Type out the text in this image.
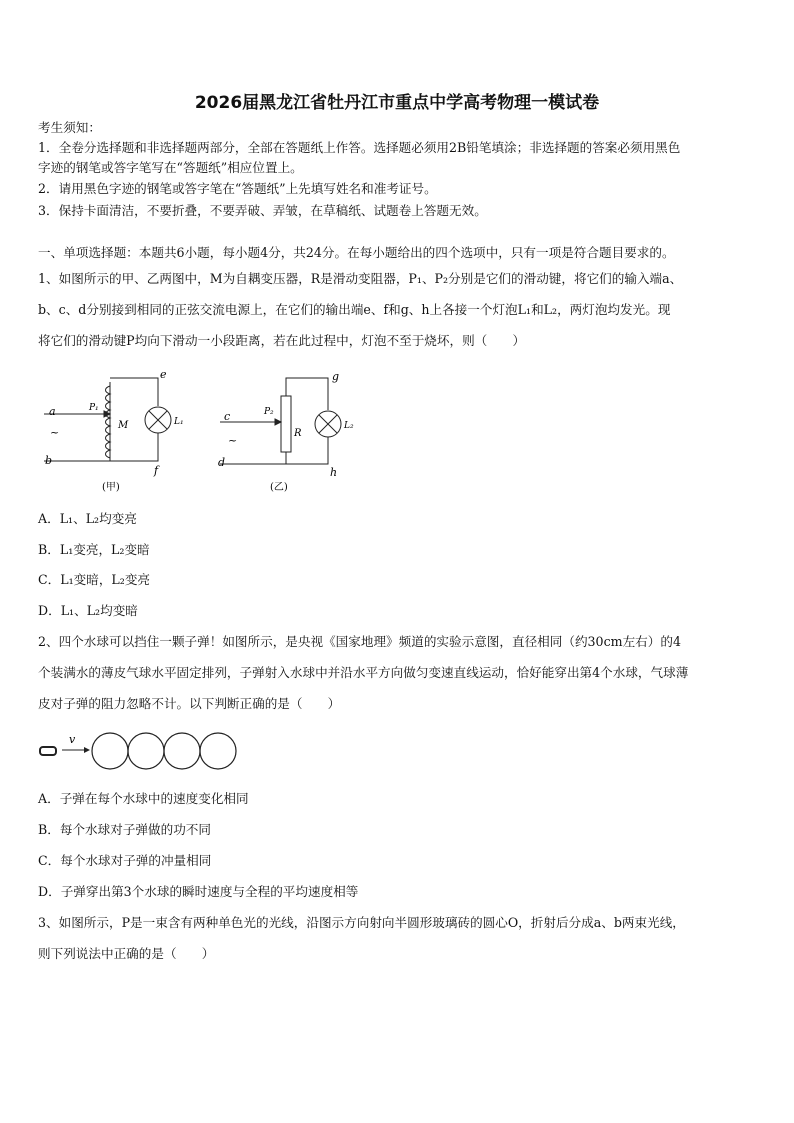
2026届黑龙江省牡丹江市重点中学高考物理一模试卷
考生须知：
1．全卷分选择题和非选择题两部分，全部在答题纸上作答。选择题必须用2B铅笔填涂；非选择题的答案必须用黑色
字迹的钢笔或答字笔写在“答题纸”相应位置上。
2．请用黑色字迹的钢笔或答字笔在“答题纸”上先填写姓名和准考证号。
3．保持卡面清洁，不要折叠，不要弄破、弄皱，在草稿纸、试题卷上答题无效。
一、单项选择题：本题共6小题，每小题4分，共24分。在每小题给出的四个选项中，只有一项是符合题目要求的。
1、如图所示的甲、乙两图中，M为自耦变压器，R是滑动变阻器，P₁、P₂分别是它们的滑动键，将它们的输入端a、
b、c、d分别接到相同的正弦交流电源上，在它们的输出端e、f和g、h上各接一个灯泡L₁和L₂，两灯泡均发光。现
将它们的滑动键P均向下滑动一小段距离，若在此过程中，灯泡不至于烧坏，则（　　）
a
~
b
P₁
M
e
f
L₁
(甲)
c
~
d
P₂
R
g
h
L₂
(乙)
A．L₁、L₂均变亮
B．L₁变亮，L₂变暗
C．L₁变暗，L₂变亮
D．L₁、L₂均变暗
2、四个水球可以挡住一颗子弹！如图所示，是央视《国家地理》频道的实验示意图，直径相同（约30cm左右）的4
个装满水的薄皮气球水平固定排列，子弹射入水球中并沿水平方向做匀变速直线运动，恰好能穿出第4个水球，气球薄
皮对子弹的阻力忽略不计。以下判断正确的是（　　）
v
A．子弹在每个水球中的速度变化相同
B．每个水球对子弹做的功不同
C．每个水球对子弹的冲量相同
D．子弹穿出第3个水球的瞬时速度与全程的平均速度相等
3、如图所示，P是一束含有两种单色光的光线，沿图示方向射向半圆形玻璃砖的圆心O，折射后分成a、b两束光线，
则下列说法中正确的是（　　）
